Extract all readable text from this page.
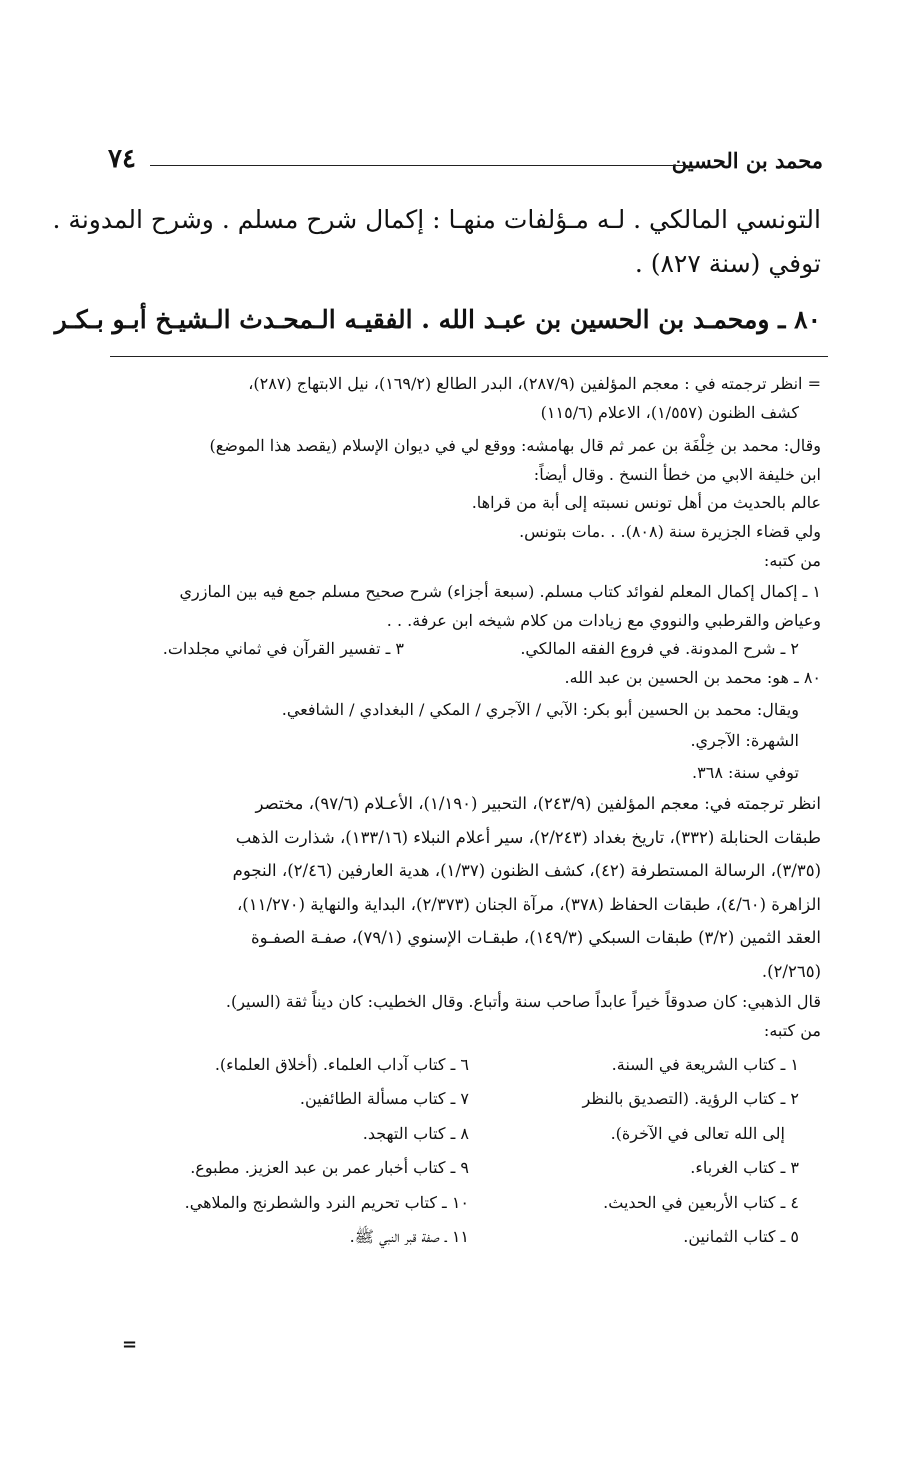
محمد بن الحسين
٧٤
التونسي المالكي . لـه مـؤلفات منهـا : إكمال شرح مسلم . وشرح المدونة .
توفي (سنة ٨٢٧) .
٨٠ ـ ومحمـد بن الحسين بن عبـد الله . الفقيـه الـمحـدث الـشيـخ أبـو بـكـر
= انظر ترجمته في : معجم المؤلفين (٢٨٧/٩)، البدر الطالع (١٦٩/٢)، نيل الابتهاج (٢٨٧)،
كشف الظنون (١/٥٥٧)، الاعلام (١١٥/٦)
وقال: محمد بن خِلْفَة بن عمر ثم قال بهامشه: ووقع لي في ديوان الإسلام (يقصد هذا الموضع)
ابن خليفة الابي من خطأ النسخ . وقال أيضاً:
عالم بالحديث من أهل تونس نسبته إلى أبة من قراها.
ولي قضاء الجزيرة سنة (٨٠٨). . .مات بتونس.
من كتبه:
١ ـ إكمال إكمال المعلم لفوائد كتاب مسلم. (سبعة أجزاء) شرح صحيح مسلم جمع فيه بين المازري
وعياض والقرطبي والنووي مع زيادات من كلام شيخه ابن عرفة. . .
٢ ـ شرح المدونة. في فروع الفقه المالكي.
٣ ـ تفسير القرآن في ثماني مجلدات.
٨٠ ـ هو: محمد بن الحسين بن عبد الله.
ويقال: محمد بن الحسين أبو بكر: الآبي / الآجري / المكي / البغدادي / الشافعي.
الشهرة: الآجري.
توفي سنة: ٣٦٨.
انظر ترجمته في: معجم المؤلفين (٢٤٣/٩)، التحبير (١/١٩٠)، الأعـلام (٩٧/٦)، مختصر
طبقات الحنابلة (٣٣٢)، تاريخ بغداد (٢/٢٤٣)، سير أعلام النبلاء (١٣٣/١٦)، شذارت الذهب
(٣/٣٥)، الرسالة المستطرفة (٤٢)، كشف الظنون (١/٣٧)، هدية العارفين (٢/٤٦)، النجوم
الزاهرة (٤/٦٠)، طبقات الحفاظ (٣٧٨)، مرآة الجنان (٢/٣٧٣)، البداية والنهاية (١١/٢٧٠)،
العقد الثمين (٣/٢) طبقات السبكي (١٤٩/٣)، طبقـات الإسنوي (٧٩/١)، صفـة الصفـوة
(٢/٢٦٥).
قال الذهبي: كان صدوقاً خيراً عابداً صاحب سنة وأتباع. وقال الخطيب: كان ديناً ثقة (السير).
من كتبه:
١ ـ كتاب الشريعة في السنة.
٢ ـ كتاب الرؤية. (التصديق بالنظر
إلى الله تعالى في الآخرة).
٣ ـ كتاب الغرباء.
٤ ـ كتاب الأربعين في الحديث.
٥ ـ كتاب الثمانين.
٦ ـ كتاب آداب العلماء. (أخلاق العلماء).
٧ ـ كتاب مسألة الطائفين.
٨ ـ كتاب التهجد.
٩ ـ كتاب أخبار عمر بن عبد العزيز. مطبوع.
١٠ ـ كتاب تحريم النرد والشطرنج والملاهي.
١١ ـ صفة قبر النبي ﷺ.
=
